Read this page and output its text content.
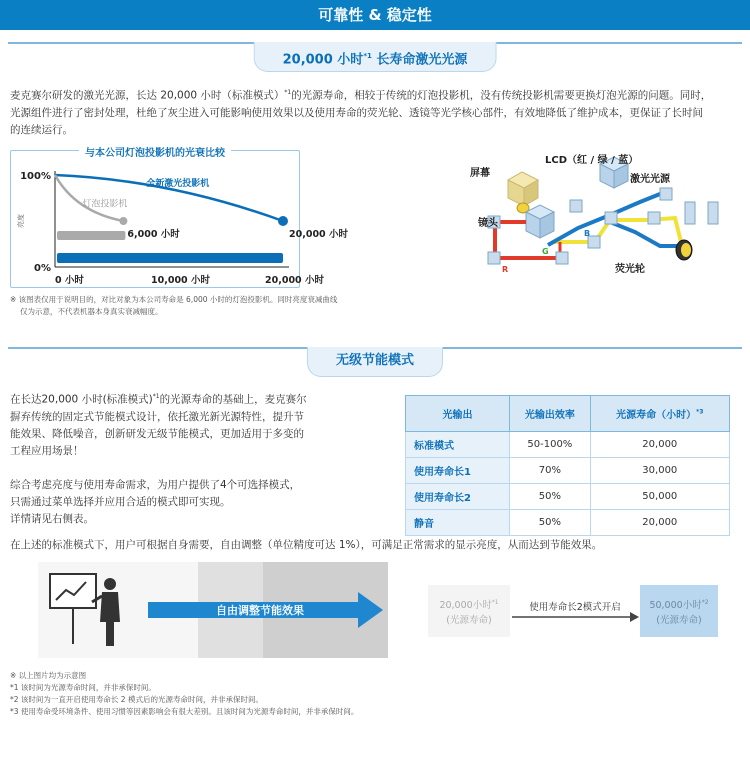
可靠性 & 稳定性
20,000 小时$^{*1}$ 长寿命激光光源
麦克赛尔研发的激光光源，长达 20,000 小时（标准模式）$^{*1}$的光源寿命，相较于传统的灯泡投影机，没有传统投影机需要更换灯泡光源的问题。同时，
光源组件进行了密封处理，杜绝了灰尘进入可能影响使用效果以及使用寿命的荧光轮、透镜等光学核心部件，有效地降低了维护成本，更保证了长时间
的连续运行。
100%
0%
亮度
0 小时	10,000 小时	20,000 小时
全新激光投影机
灯泡投影机
6,000 小时	20,000 小时
与本公司灯泡投影机的光衰比较
※ 该图表仅用于说明目的，对比对象为本公司寿命是 6,000 小时的灯泡投影机。同时亮度衰减曲线
仅为示意，不代表机器本身真实衰减幅度。
屏幕
LCD（红 / 绿 / 蓝）
激光光源
镜头
荧光轮
R
G
B
无级节能模式
在长达20,000 小时(标准模式)$^{*1}$的光源寿命的基础上，麦克赛尔
摒弃传统的固定式节能模式设计，依托激光新光源特性，提升节
能效果、降低噪音，创新研发无级节能模式，更加适用于多变的
工程应用场景！
综合考虑亮度与使用寿命需求，为用户提供了4个可选择模式，
只需通过菜单选择并应用合适的模式即可实现。
详情请见右侧表。
光输出	光输出效率	光源寿命（小时）$^{*3}$
标准模式	50-100%	20,000
使用寿命长1	70%	30,000
使用寿命长2	50%	50,000
静音	50%	20,000
在上述的标准模式下，用户可根据自身需要，自由调整（单位精度可达 1%），可满足正常需求的显示亮度，从而达到节能效果。
自由调整节能效果	20,000小时$^{*1}$
(光源寿命)
使用寿命长2模式开启	50,000小时$^{*2}$
(光源寿命)
※ 以上图片均为示意图
*1 该时间为光源寿命时间，并非承保时间。
*2 该时间为一直开启使用寿命长 2 模式后的光源寿命时间，并非承保时间。
*3 使用寿命受环境条件、使用习惯等因素影响会有很大差别。且该时间为光源寿命时间，并非承保时间。
